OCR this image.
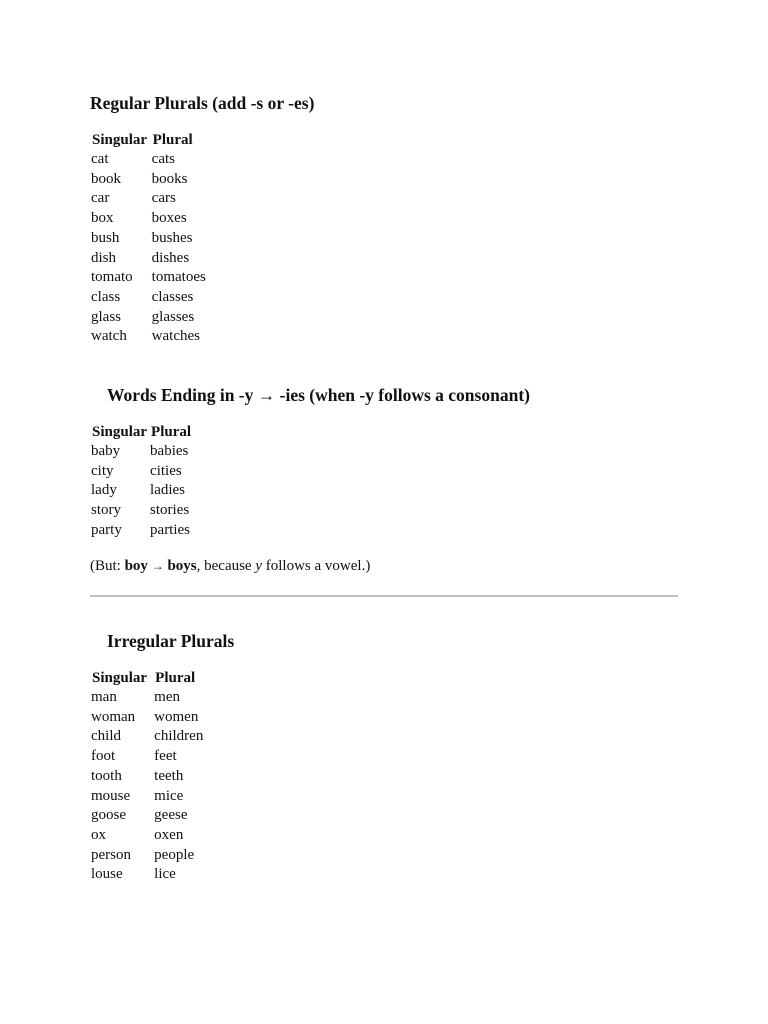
Regular Plurals (add -s or -es)
Singular	Plural
cat	cats
book	books
car	cars
box	boxes
bush	bushes
dish	dishes
tomato	tomatoes
class	classes
glass	glasses
watch	watches
Words Ending in -y → -ies (when -y follows a consonant)
Singular	Plural
baby	babies
city	cities
lady	ladies
story	stories
party	parties
(But: boy → boys, because y follows a vowel.)
Irregular Plurals
Singular	Plural
man	men
woman	women
child	children
foot	feet
tooth	teeth
mouse	mice
goose	geese
ox	oxen
person	people
louse	lice
